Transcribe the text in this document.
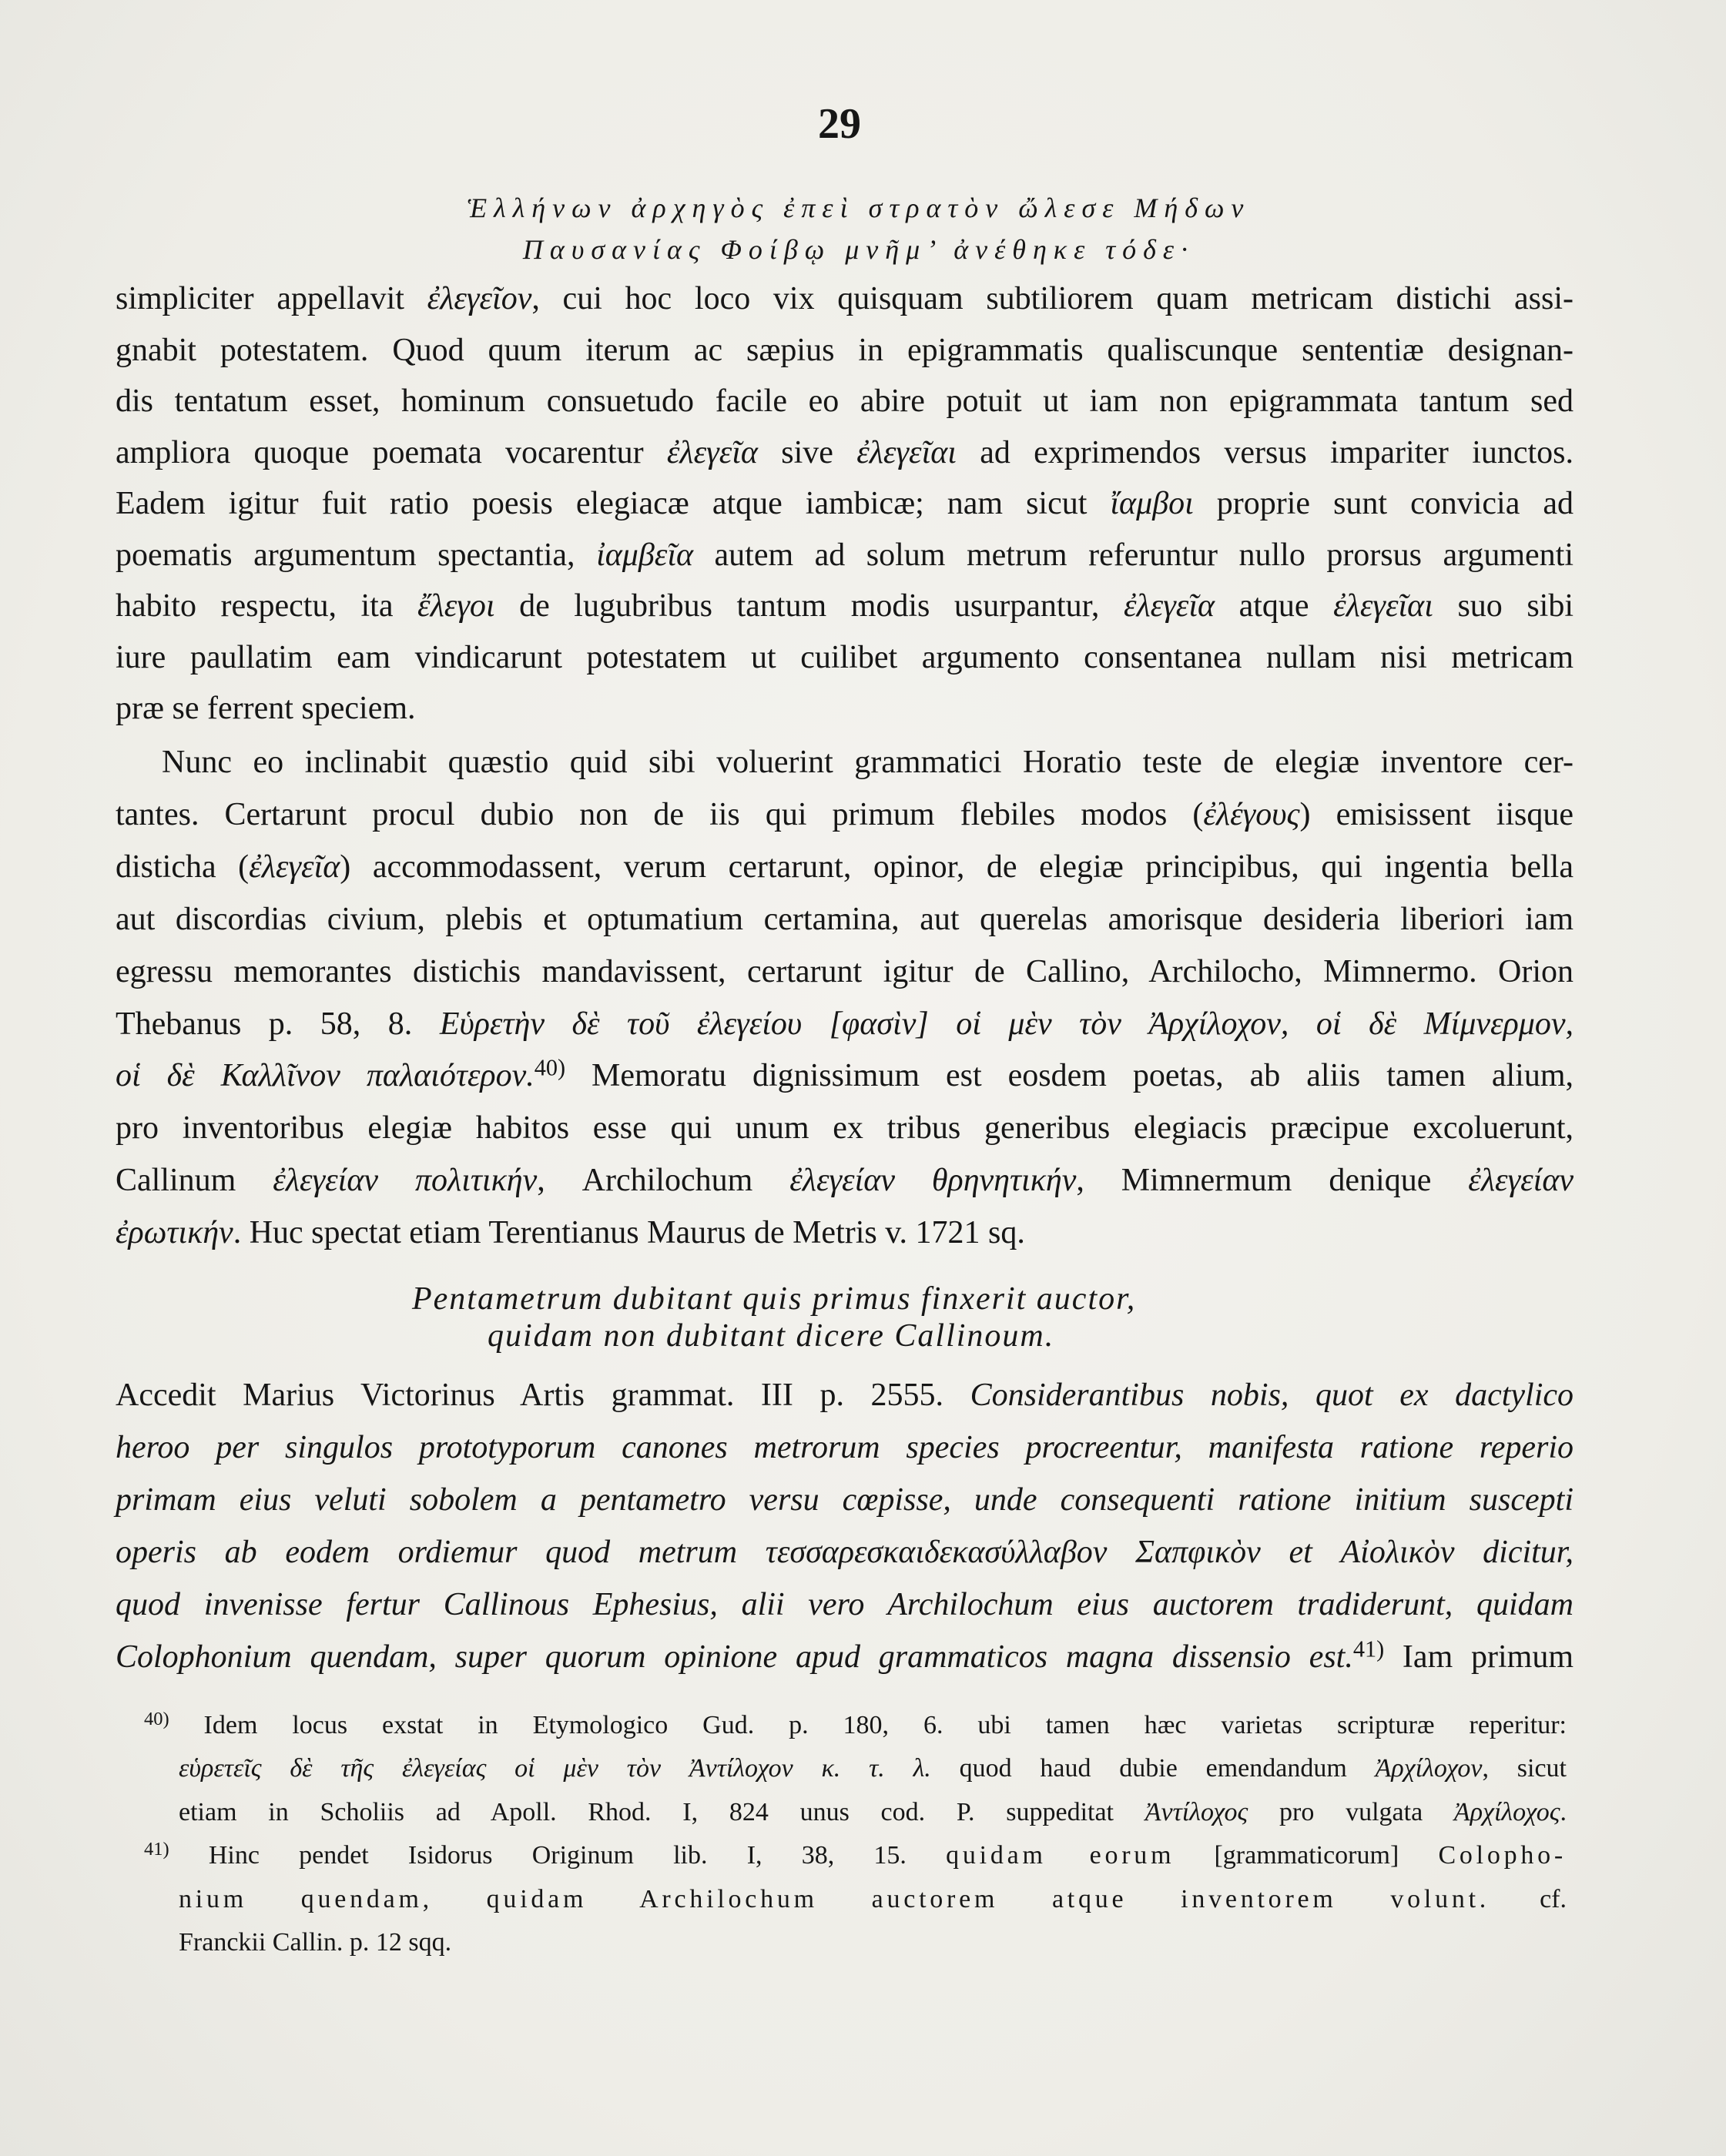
29
Ἑλλήνων ἀρχηγὸς ἐπεὶ στρατὸν ὤλεσε Μήδων
Παυσανίας Φοίβῳ μνῆμ’ ἀνέθηκε τόδε·
simpliciter appellavit ἐλεγεῖον, cui hoc loco vix quisquam subtiliorem quam metricam distichi assi-
gnabit potestatem. Quod quum iterum ac sæpius in epigrammatis qualiscunque sententiæ designan-
dis tentatum esset, hominum consuetudo facile eo abire potuit ut iam non epigrammata tantum sed
ampliora quoque poemata vocarentur ἐλεγεῖα sive ἐλεγεῖαι ad exprimendos versus impariter iunctos.
Eadem igitur fuit ratio poesis elegiacæ atque iambicæ; nam sicut ἴαμβοι proprie sunt convicia ad
poematis argumentum spectantia, ἰαμβεῖα autem ad solum metrum referuntur nullo prorsus argumenti
habito respectu, ita ἔλεγοι de lugubribus tantum modis usurpantur, ἐλεγεῖα atque ἐλεγεῖαι suo sibi
iure paullatim eam vindicarunt potestatem ut cuilibet argumento consentanea nullam nisi metricam
præ se ferrent speciem.
Nunc eo inclinabit quæstio quid sibi voluerint grammatici Horatio teste de elegiæ inventore cer-
tantes. Certarunt procul dubio non de iis qui primum flebiles modos (ἐλέγους) emisissent iisque
disticha (ἐλεγεῖα) accommodassent, verum certarunt, opinor, de elegiæ principibus, qui ingentia bella
aut discordias civium, plebis et optumatium certamina, aut querelas amorisque desideria liberiori iam
egressu memorantes distichis mandavissent, certarunt igitur de Callino, Archilocho, Mimnermo. Orion
Thebanus p. 58, 8. Εὑρετὴν δὲ τοῦ ἐλεγείου [φασὶν] οἱ μὲν τὸν Ἀρχίλοχον, οἱ δὲ Μίμνερμον,
οἱ δὲ Καλλῖνον παλαιότερον.$^{40)}$ Memoratu dignissimum est eosdem poetas, ab aliis tamen alium,
pro inventoribus elegiæ habitos esse qui unum ex tribus generibus elegiacis præcipue excoluerunt,
Callinum ἐλεγείαν πολιτικήν, Archilochum ἐλεγείαν θρηνητικήν, Mimnermum denique ἐλεγείαν
ἐρωτικήν. Huc spectat etiam Terentianus Maurus de Metris v. 1721 sq.
Pentametrum dubitant quis primus finxerit auctor,
quidam non dubitant dicere Callinoum.
Accedit Marius Victorinus Artis grammat. III p. 2555. Considerantibus nobis, quot ex dactylico
heroo per singulos prototyporum canones metrorum species procreentur, manifesta ratione reperio
primam eius veluti sobolem a pentametro versu cœpisse, unde consequenti ratione initium suscepti
operis ab eodem ordiemur quod metrum τεσσαρεσκαιδεκασύλλαβον Σαπφικὸν et Αἰολικὸν dicitur,
quod invenisse fertur Callinous Ephesius, alii vero Archilochum eius auctorem tradiderunt, quidam
Colophonium quendam, super quorum opinione apud grammaticos magna dissensio est.$^{41)}$ Iam primum
$^{40)}$ Idem locus exstat in Etymologico Gud. p. 180, 6. ubi tamen hæc varietas scripturæ reperitur:
εὑρετεῖς δὲ τῆς ἐλεγείας οἱ μὲν τὸν Ἀντίλοχον κ. τ. λ. quod haud dubie emendandum Ἀρχίλοχον, sicut
etiam in Scholiis ad Apoll. Rhod. I, 824 unus cod. P. suppeditat Ἀντίλοχος pro vulgata Ἀρχίλοχος.
$^{41)}$ Hinc pendet Isidorus Originum lib. I, 38, 15. quidam eorum [grammaticorum] Colopho-
nium quendam, quidam Archilochum auctorem atque inventorem volunt. cf.
Franckii Callin. p. 12 sqq.
